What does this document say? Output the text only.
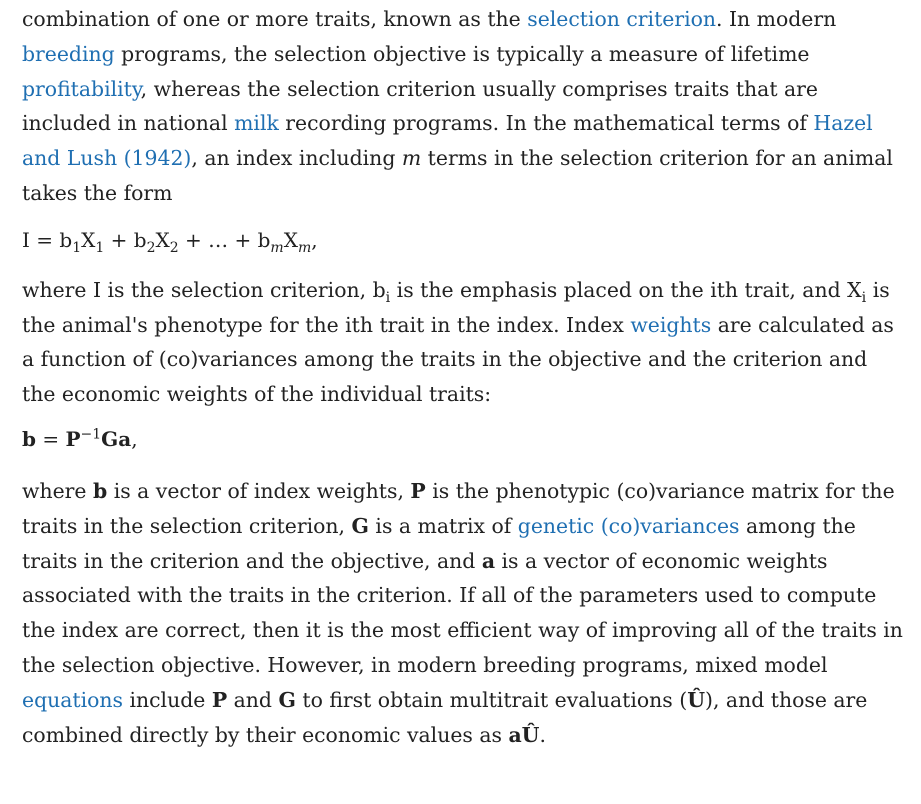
combination of one or more traits, known as the selection criterion. In modern breeding programs, the selection objective is typically a measure of lifetime profitability, whereas the selection criterion usually comprises traits that are included in national milk recording programs. In the mathematical terms of Hazel and Lush (1942), an index including m terms in the selection criterion for an animal takes the form

$I = b_1X_1 + b_2X_2$ + … + $b_mX_m$,

where I is the selection criterion, $b_i$ is the emphasis placed on the ith trait, and $X_i$ is the animal's phenotype for the ith trait in the index. Index weights are calculated as a function of (co)variances among the traits in the objective and the criterion and the economic weights of the individual traits:

$b = P^{-1}Ga$,

where b is a vector of index weights, P is the phenotypic (co)variance matrix for the traits in the selection criterion, G is a matrix of genetic (co)variances among the traits in the criterion and the objective, and a is a vector of economic weights associated with the traits in the criterion. If all of the parameters used to compute the index are correct, then it is the most efficient way of improving all of the traits in the selection objective. However, in modern breeding programs, mixed model equations include P and G to first obtain multitrait evaluations (Û), and those are combined directly by their economic values as aÛ.
